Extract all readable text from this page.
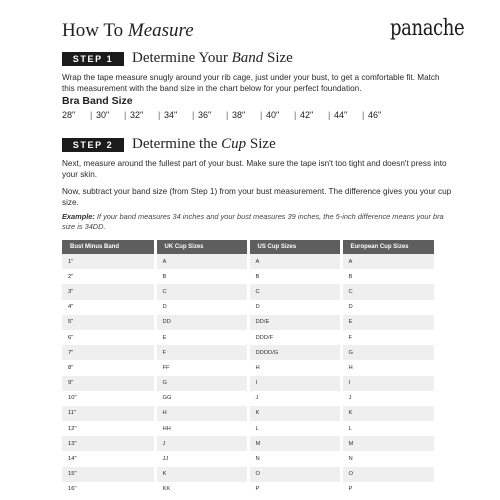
How To Measure	panache
STEP 1	Determine Your Band Size
Wrap the tape measure snugly around your rib cage, just under your bust, to get a comfortable fit. Match this measurement with the band size in the chart below for your perfect foundation.
Bra Band Size
28"	| 30"	| 32"	| 34"	| 36"	| 38"	| 40"	| 42"	| 44"	| 46"
STEP 2	Determine the Cup Size
Next, measure around the fullest part of your bust. Make sure the tape isn't too tight and doesn't press into your skin.
Now, subtract your band size (from Step 1) from your bust measurement. The difference gives you your cup size.
Example: If your band measures 34 inches and your bust measures 39 inches, the 5-inch difference means your bra size is 34DD.
Bust Minus Band	UK Cup Sizes	US Cup Sizes	European Cup Sizes
1"	A	A	A
2"	B	B	B
3"	C	C	C
4"	D	D	D
5"	DD	DD/E	E
6"	E	DDD/F	F
7"	F	DDDD/G	G
8"	FF	H	H
9"	G	I	I
10"	GG	J	J
11"	H	K	K
12"	HH	L	L
13"	J	M	M
14"	JJ	N	N
15"	K	O	O
16"	KK	P	P
